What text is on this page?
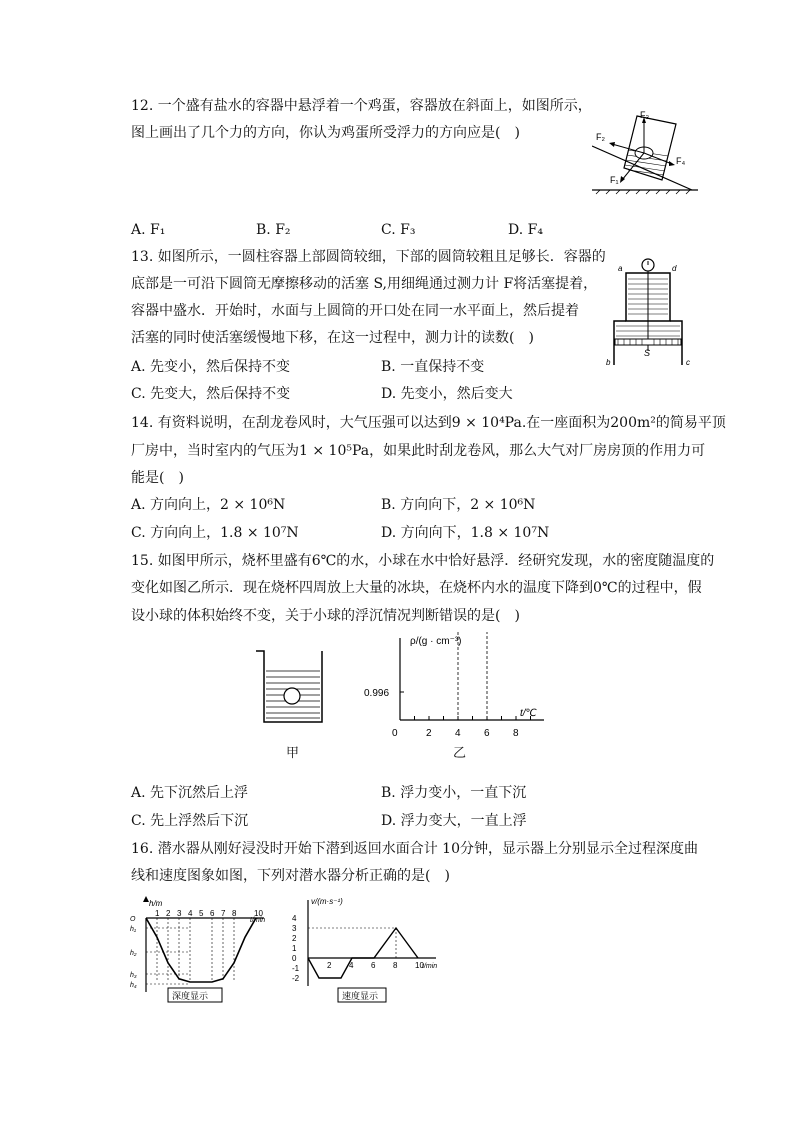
12. 一个盛有盐水的容器中悬浮着一个鸡蛋，容器放在斜面上，如图所示，
图上画出了几个力的方向，你认为鸡蛋所受浮力的方向应是(　)
F₃
F₂
F₄
F₁
A. F₁	B. F₂	C. F₃	D. F₄
13. 如图所示，一圆柱容器上部圆筒较细，下部的圆筒较粗且足够长．容器的
底部是一可沿下圆筒无摩擦移动的活塞 S,用细绳通过测力计 F将活塞提着，
容器中盛水．开始时，水面与上圆筒的开口处在同一水平面上，然后提着
活塞的同时使活塞缓慢地下移，在这一过程中，测力计的读数(　)
a	d
b	c
S
A. 先变小，然后保持不变	B. 一直保持不变
C. 先变大，然后保持不变	D. 先变小，然后变大
14. 有资料说明，在刮龙卷风时，大气压强可以达到9 × 10⁴Pa.在一座面积为200m²的简易平顶
厂房中，当时室内的气压为1 × 10⁵Pa，如果此时刮龙卷风，那么大气对厂房房顶的作用力可
能是(　)
A. 方向向上，2 × 10⁶N	B. 方向向下，2 × 10⁶N
C. 方向向上，1.8 × 10⁷N	D. 方向向下，1.8 × 10⁷N
15. 如图甲所示，烧杯里盛有6℃的水，小球在水中恰好悬浮．经研究发现，水的密度随温度的
变化如图乙所示．现在烧杯四周放上大量的冰块，在烧杯内水的温度下降到0℃的过程中，假
设小球的体积始终不变，关于小球的浮沉情况判断错误的是(　)
甲
0	2 4 6 8
0.996
ρ/(g · cm⁻³)
t/℃
乙
A. 先下沉然后上浮	B. 浮力变小，一直下沉
C. 先上浮然后下沉	D. 浮力变大，一直上浮
16. 潜水器从刚好浸没时开始下潜到返回水面合计 10分钟，显示器上分别显示全过程深度曲
线和速度图象如图，下列对潜水器分析正确的是(　)
h/m
t/min
1 2 3 4 5 6 7 8 10
O
h₁
h₂
h₃
h₄
深度显示
v/(m·s⁻¹)
t/min
4
3
2
1
0
-1
-2
2 4 6 8 10
速度显示
